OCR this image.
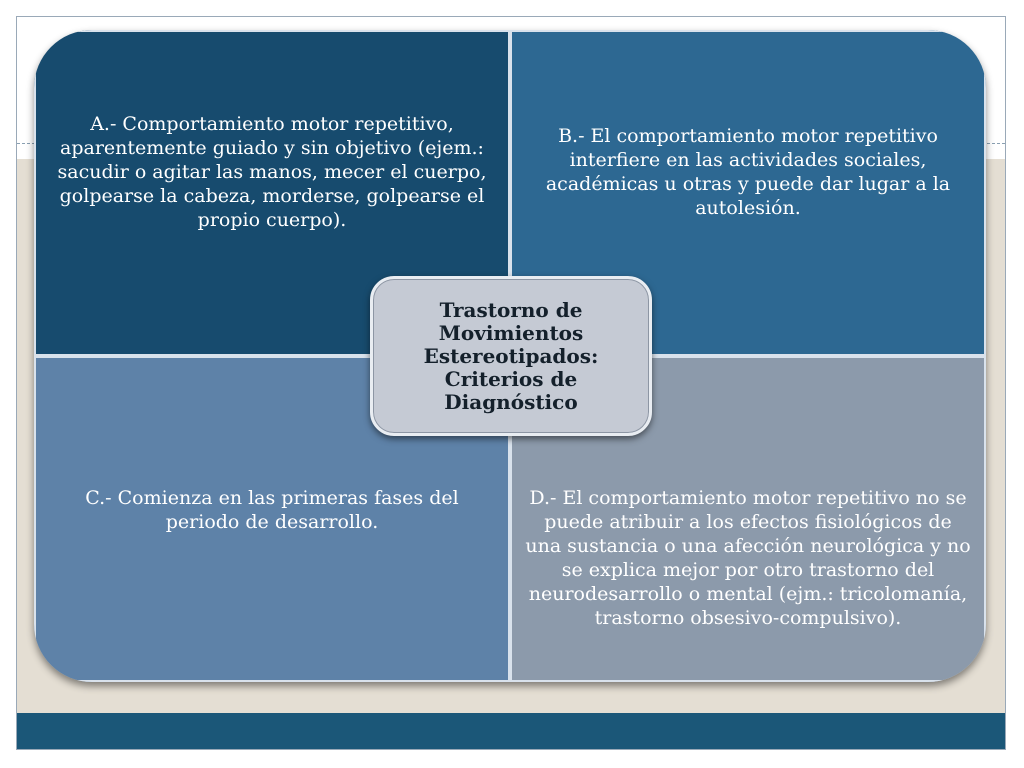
A.- Comportamiento motor repetitivo, aparentemente guiado y sin objetivo (ejem.: sacudir o agitar las manos, mecer el cuerpo, golpearse la cabeza, morderse, golpearse el propio cuerpo).
B.- El comportamiento motor repetitivo interfiere en las actividades sociales, académicas u otras y puede dar lugar a la autolesión.
C.- Comienza en las primeras fases del periodo de desarrollo.
D.- El comportamiento motor repetitivo no se puede atribuir a los efectos fisiológicos de una sustancia o una afección neurológica y no se explica mejor por otro trastorno del neurodesarrollo o mental (ejm.: tricolomanía, trastorno obsesivo-compulsivo).
Trastorno de Movimientos Estereotipados: Criterios de Diagnóstico
